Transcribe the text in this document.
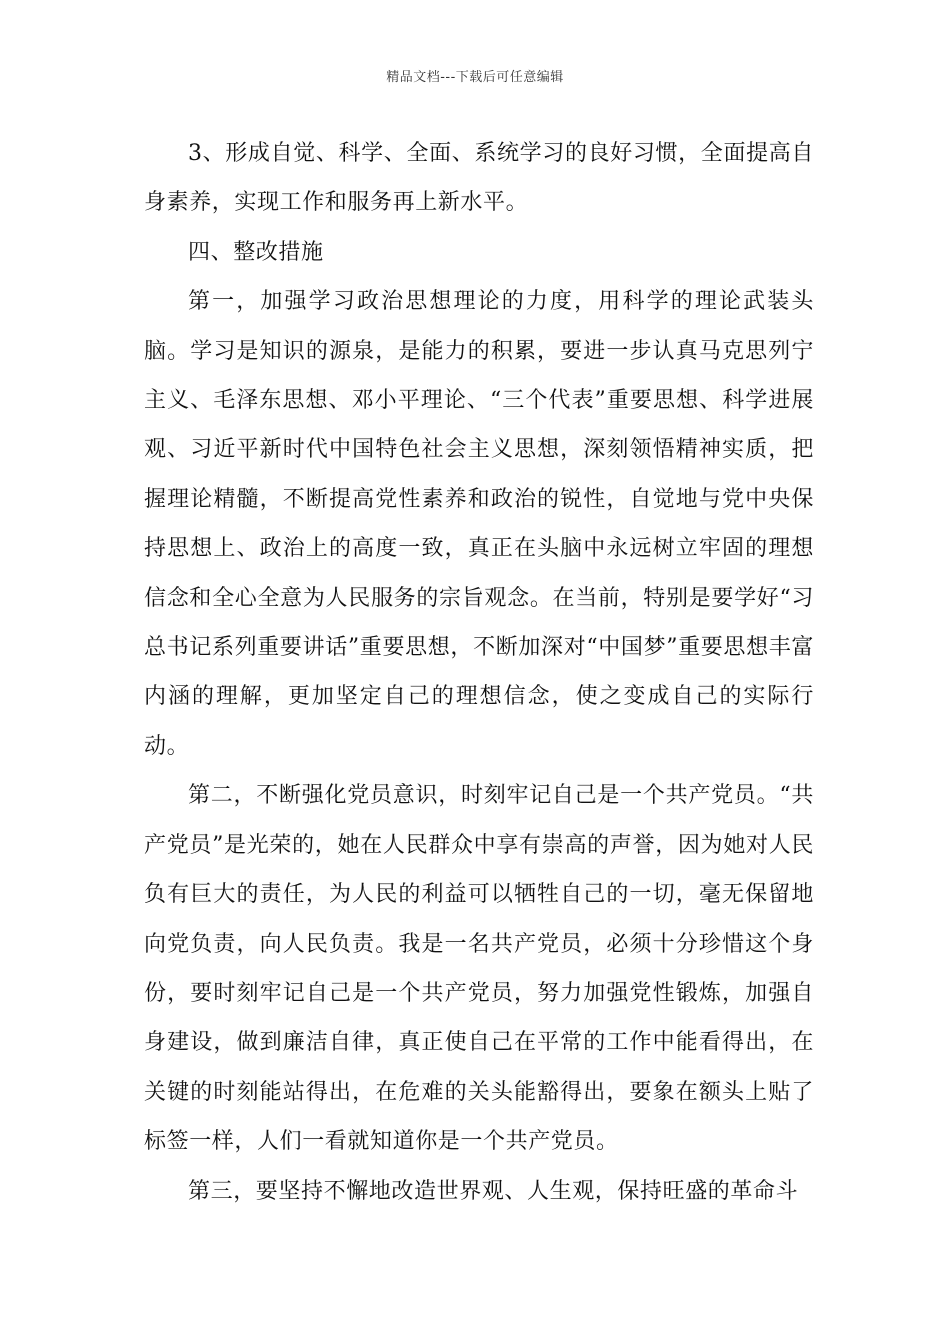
精品文档---下载后可任意编辑

3、形成自觉、科学、全面、系统学习的良好习惯，全面提高自身素养，实现工作和服务再上新水平。

四、整改措施

第一，加强学习政治思想理论的力度，用科学的理论武装头脑。学习是知识的源泉，是能力的积累，要进一步认真马克思列宁主义、毛泽东思想、邓小平理论、“三个代表”重要思想、科学进展观、习近平新时代中国特色社会主义思想，深刻领悟精神实质，把握理论精髓，不断提高党性素养和政治的锐性，自觉地与党中央保持思想上、政治上的高度一致，真正在头脑中永远树立牢固的理想信念和全心全意为人民服务的宗旨观念。在当前，特别是要学好“习总书记系列重要讲话”重要思想，不断加深对“中国梦”重要思想丰富内涵的理解，更加坚定自己的理想信念，使之变成自己的实际行动。

第二，不断强化党员意识，时刻牢记自己是一个共产党员。“共产党员”是光荣的，她在人民群众中享有崇高的声誉，因为她对人民负有巨大的责任，为人民的利益可以牺牲自己的一切，毫无保留地向党负责，向人民负责。我是一名共产党员，必须十分珍惜这个身份，要时刻牢记自己是一个共产党员，努力加强党性锻炼，加强自身建设，做到廉洁自律，真正使自己在平常的工作中能看得出，在关键的时刻能站得出，在危难的关头能豁得出，要象在额头上贴了标签一样，人们一看就知道你是一个共产党员。

第三，要坚持不懈地改造世界观、人生观，保持旺盛的革命斗
